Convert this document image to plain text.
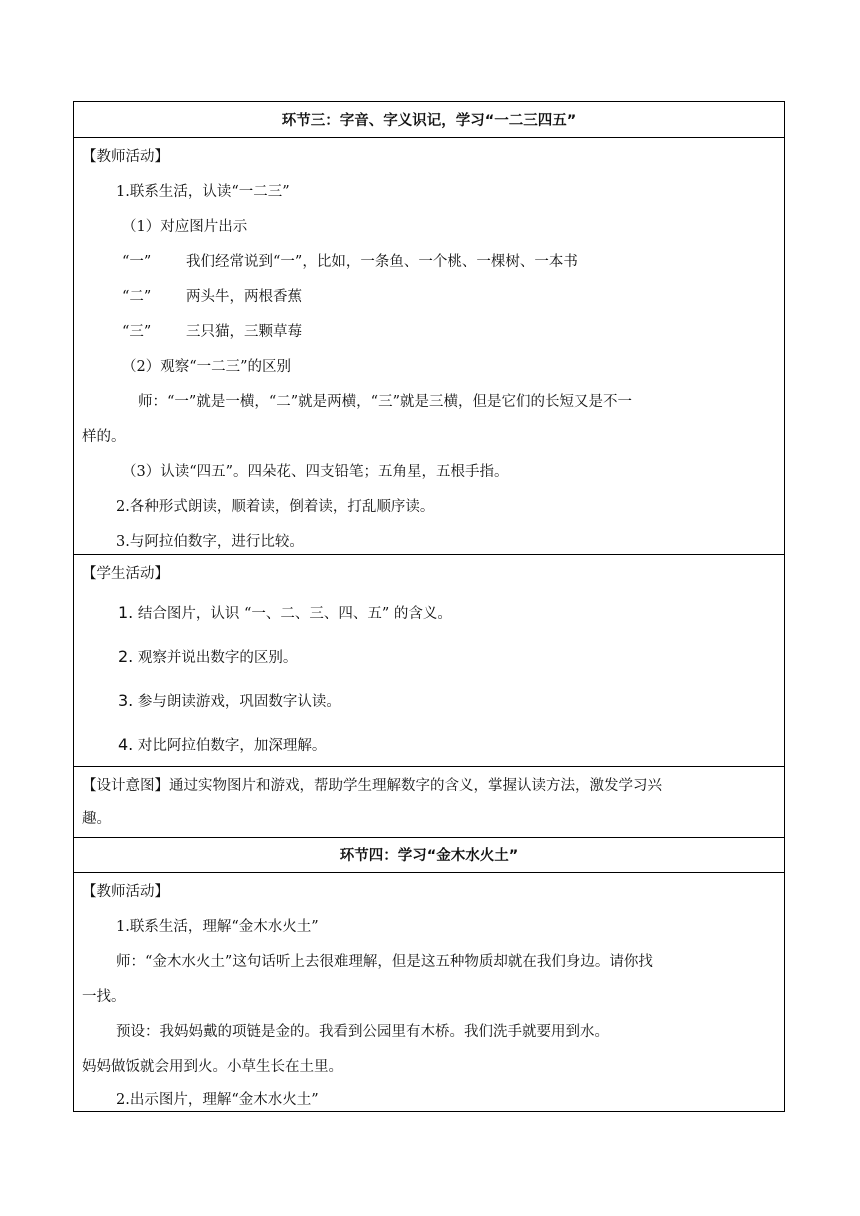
环节三：字音、字义识记，学习“一二三四五”
【教师活动】
1.联系生活，认读“一二三”
（1）对应图片出示
“一” 我们经常说到“一”，比如，一条鱼、一个桃、一棵树、一本书
“二” 两头牛，两根香蕉
“三” 三只猫，三颗草莓
（2）观察“一二三”的区别
师：“一”就是一横，“二”就是两横，“三”就是三横，但是它们的长短又是不一
样的。
（3）认读“四五”。四朵花、四支铅笔；五角星，五根手指。
2.各种形式朗读，顺着读，倒着读，打乱顺序读。
3.与阿拉伯数字，进行比较。
【学生活动】
1. 结合图片，认识 “一、二、三、四、五” 的含义。
2. 观察并说出数字的区别。
3. 参与朗读游戏，巩固数字认读。
4. 对比阿拉伯数字，加深理解。
【设计意图】通过实物图片和游戏，帮助学生理解数字的含义，掌握认读方法，激发学习兴
趣。
环节四：学习“金木水火土”
【教师活动】
1.联系生活，理解“金木水火土”
师：“金木水火土”这句话听上去很难理解，但是这五种物质却就在我们身边。请你找
一找。
预设：我妈妈戴的项链是金的。我看到公园里有木桥。我们洗手就要用到水。
妈妈做饭就会用到火。小草生长在土里。
2.出示图片，理解“金木水火土”
